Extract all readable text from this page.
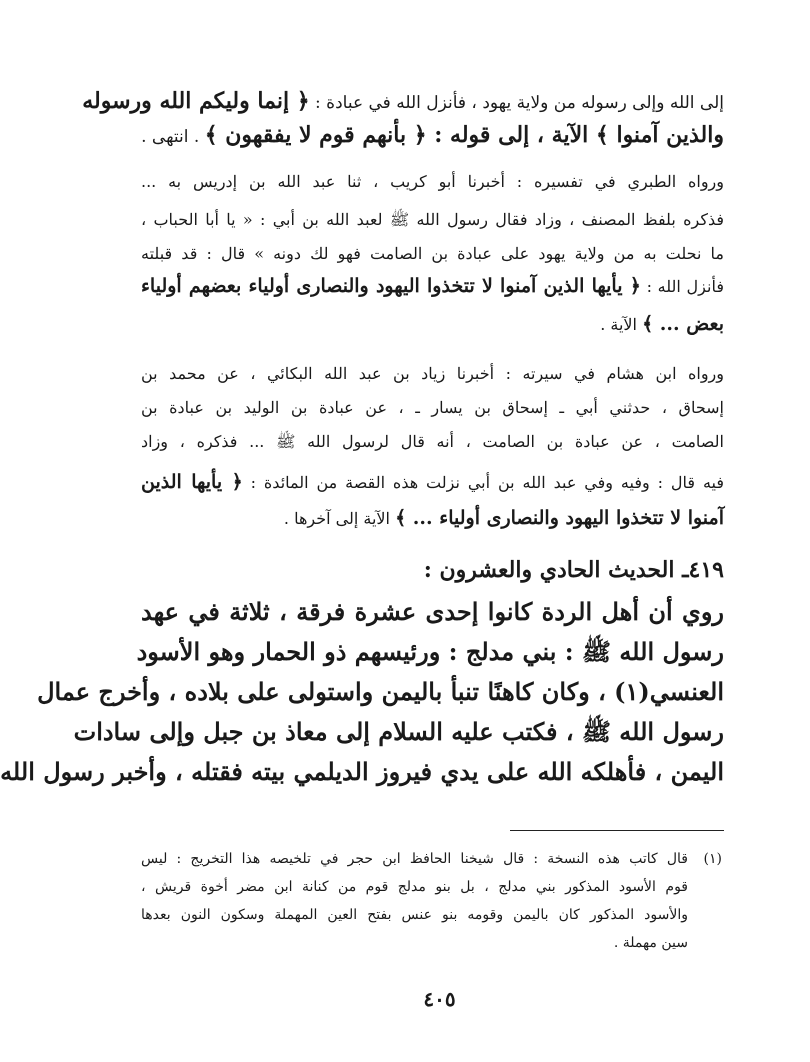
إلى الله وإلى رسوله من ولاية يهود ، فأنزل الله في عبادة : ﴿ إنما وليكم الله ورسوله
والذين آمنوا ﴾ الآية ، إلى قوله : ﴿ بأنهم قوم لا يفقهون ﴾ . انتهى .
ورواه الطبري في تفسيره : أخبرنا أبو كريب ، ثنا عبد الله بن إدريس به ...
فذكره بلفظ المصنف ، وزاد فقال رسول الله ﷺ لعبد الله بن أبي : « يا أبا الحباب ،
ما نحلت به من ولاية يهود على عبادة بن الصامت فهو لك دونه » قال : قد قبلته
فأنزل الله : ﴿ يأيها الذين آمنوا لا تتخذوا اليهود والنصارى أولياء بعضهم أولياء
بعض ... ﴾ الآية .
ورواه ابن هشام في سيرته : أخبرنا زياد بن عبد الله البكائي ، عن محمد بن
إسحاق ، حدثني أبي ـ إسحاق بن يسار ـ ، عن عبادة بن الوليد بن عبادة بن
الصامت ، عن عبادة بن الصامت ، أنه قال لرسول الله ﷺ ... فذكره ، وزاد
فيه قال : وفيه وفي عبد الله بن أبي نزلت هذه القصة من المائدة : ﴿ يأيها الذين
آمنوا لا تتخذوا اليهود والنصارى أولياء ... ﴾ الآية إلى آخرها .
٤١٩ـ الحديث الحادي والعشرون :
روي أن أهل الردة كانوا إحدى عشرة فرقة ، ثلاثة في عهد
رسول الله ﷺ : بني مدلج : ورئيسهم ذو الحمار وهو الأسود
العنسي(١) ، وكان كاهنًا تنبأ باليمن واستولى على بلاده ، وأخرج عمال
رسول الله ﷺ ، فكتب عليه السلام إلى معاذ بن جبل وإلى سادات
اليمن ، فأهلكه الله على يدي فيروز الديلمي بيته فقتله ، وأخبر رسول الله
(١)
قال كاتب هذه النسخة : قال شيخنا الحافظ ابن حجر في تلخيصه هذا التخريج : ليس
قوم الأسود المذكور بني مدلج ، بل بنو مدلج قوم من كنانة ابن مضر أخوة قريش ،
والأسود المذكور كان باليمن وقومه بنو عنس بفتح العين المهملة وسكون النون بعدها
سين مهملة .
٤٠٥
